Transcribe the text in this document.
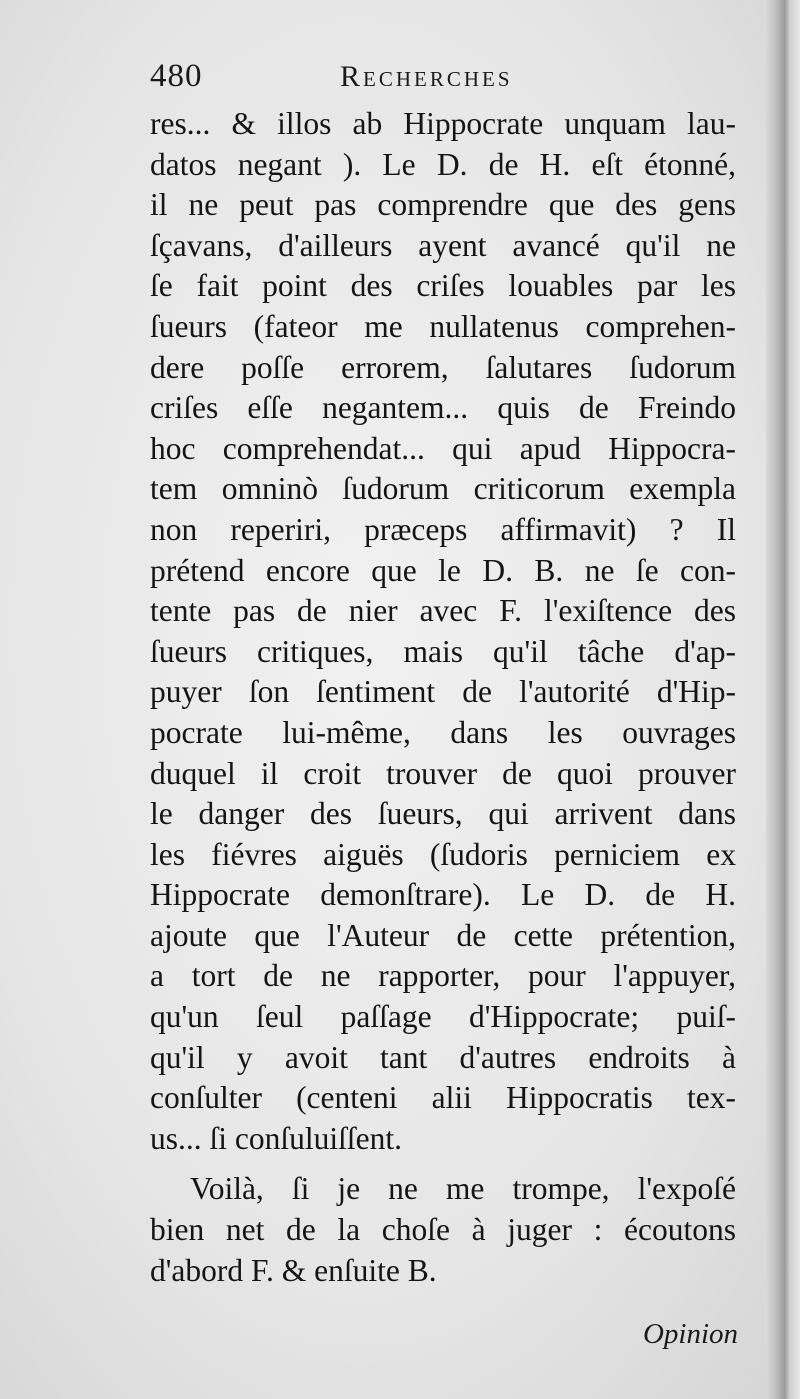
480	Recherches
res... & illos ab Hippocrate unquam lau-
datos negant ). Le D. de H. eſt étonné,
il ne peut pas comprendre que des gens
ſçavans, d'ailleurs ayent avancé qu'il ne
ſe fait point des criſes louables par les
ſueurs (fateor me nullatenus comprehen-
dere poſſe errorem, ſalutares ſudorum
criſes eſſe negantem... quis de Freindo
hoc comprehendat... qui apud Hippocra-
tem omninò ſudorum criticorum exempla
non reperiri, præceps affirmavit) ? Il
prétend encore que le D. B. ne ſe con-
tente pas de nier avec F. l'exiſtence des
ſueurs critiques, mais qu'il tâche d'ap-
puyer ſon ſentiment de l'autorité d'Hip-
pocrate lui-même, dans les ouvrages
duquel il croit trouver de quoi prouver
le danger des ſueurs, qui arrivent dans
les fiévres aiguës (ſudoris perniciem ex
Hippocrate demonſtrare). Le D. de H.
ajoute que l'Auteur de cette prétention,
a tort de ne rapporter, pour l'appuyer,
qu'un ſeul paſſage d'Hippocrate; puiſ-
qu'il y avoit tant d'autres endroits à
conſulter (centeni alii Hippocratis tex-
us... ſi conſuluiſſent.
Voilà, ſi je ne me trompe, l'expoſé
bien net de la choſe à juger : écoutons
d'abord F. & enſuite B.
Opinion
